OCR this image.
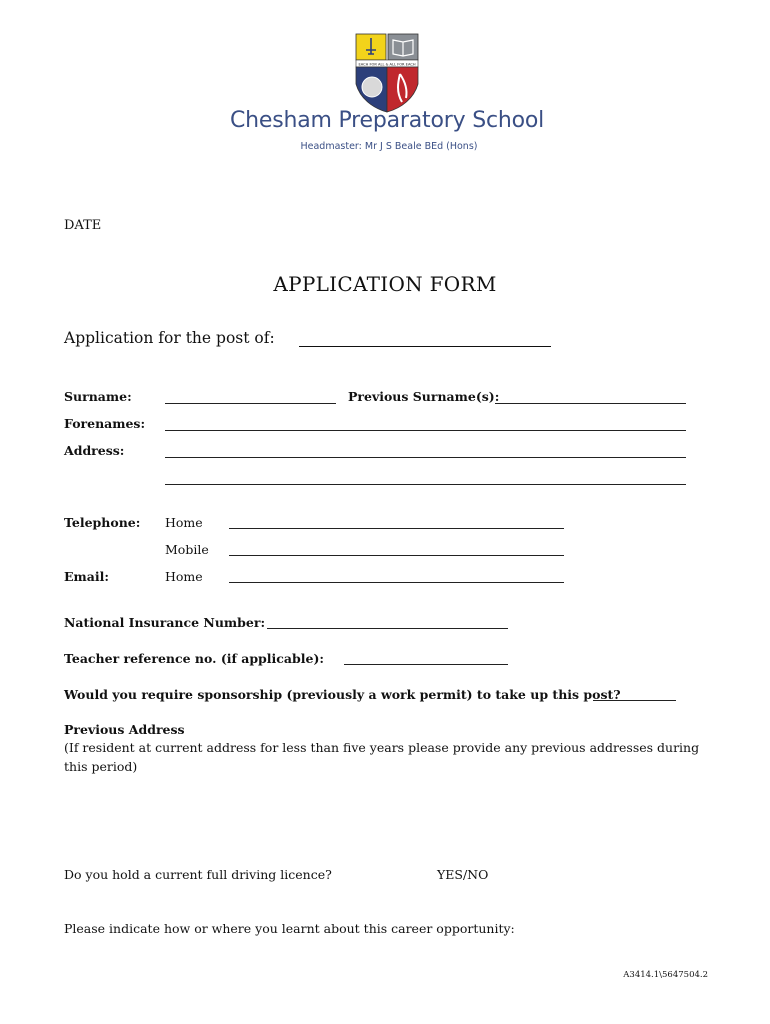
EACH FOR ALL & ALL FOR EACH
Chesham Preparatory School
Headmaster: Mr J S Beale BEd (Hons)
DATE
APPLICATION FORM
Application for the post of:
Surname:	Previous Surname(s):
Forenames:
Address:
Telephone: Home
Mobile
Email:	Home
National Insurance Number:
Teacher reference no. (if applicable):
Would you require sponsorship (previously a work permit) to take up this post?
Previous Address
(If resident at current address for less than five years please provide any previous addresses during
this period)
Do you hold a current full driving licence?	YES/NO
Please indicate how or where you learnt about this career opportunity:
A3414.1\5647504.2
